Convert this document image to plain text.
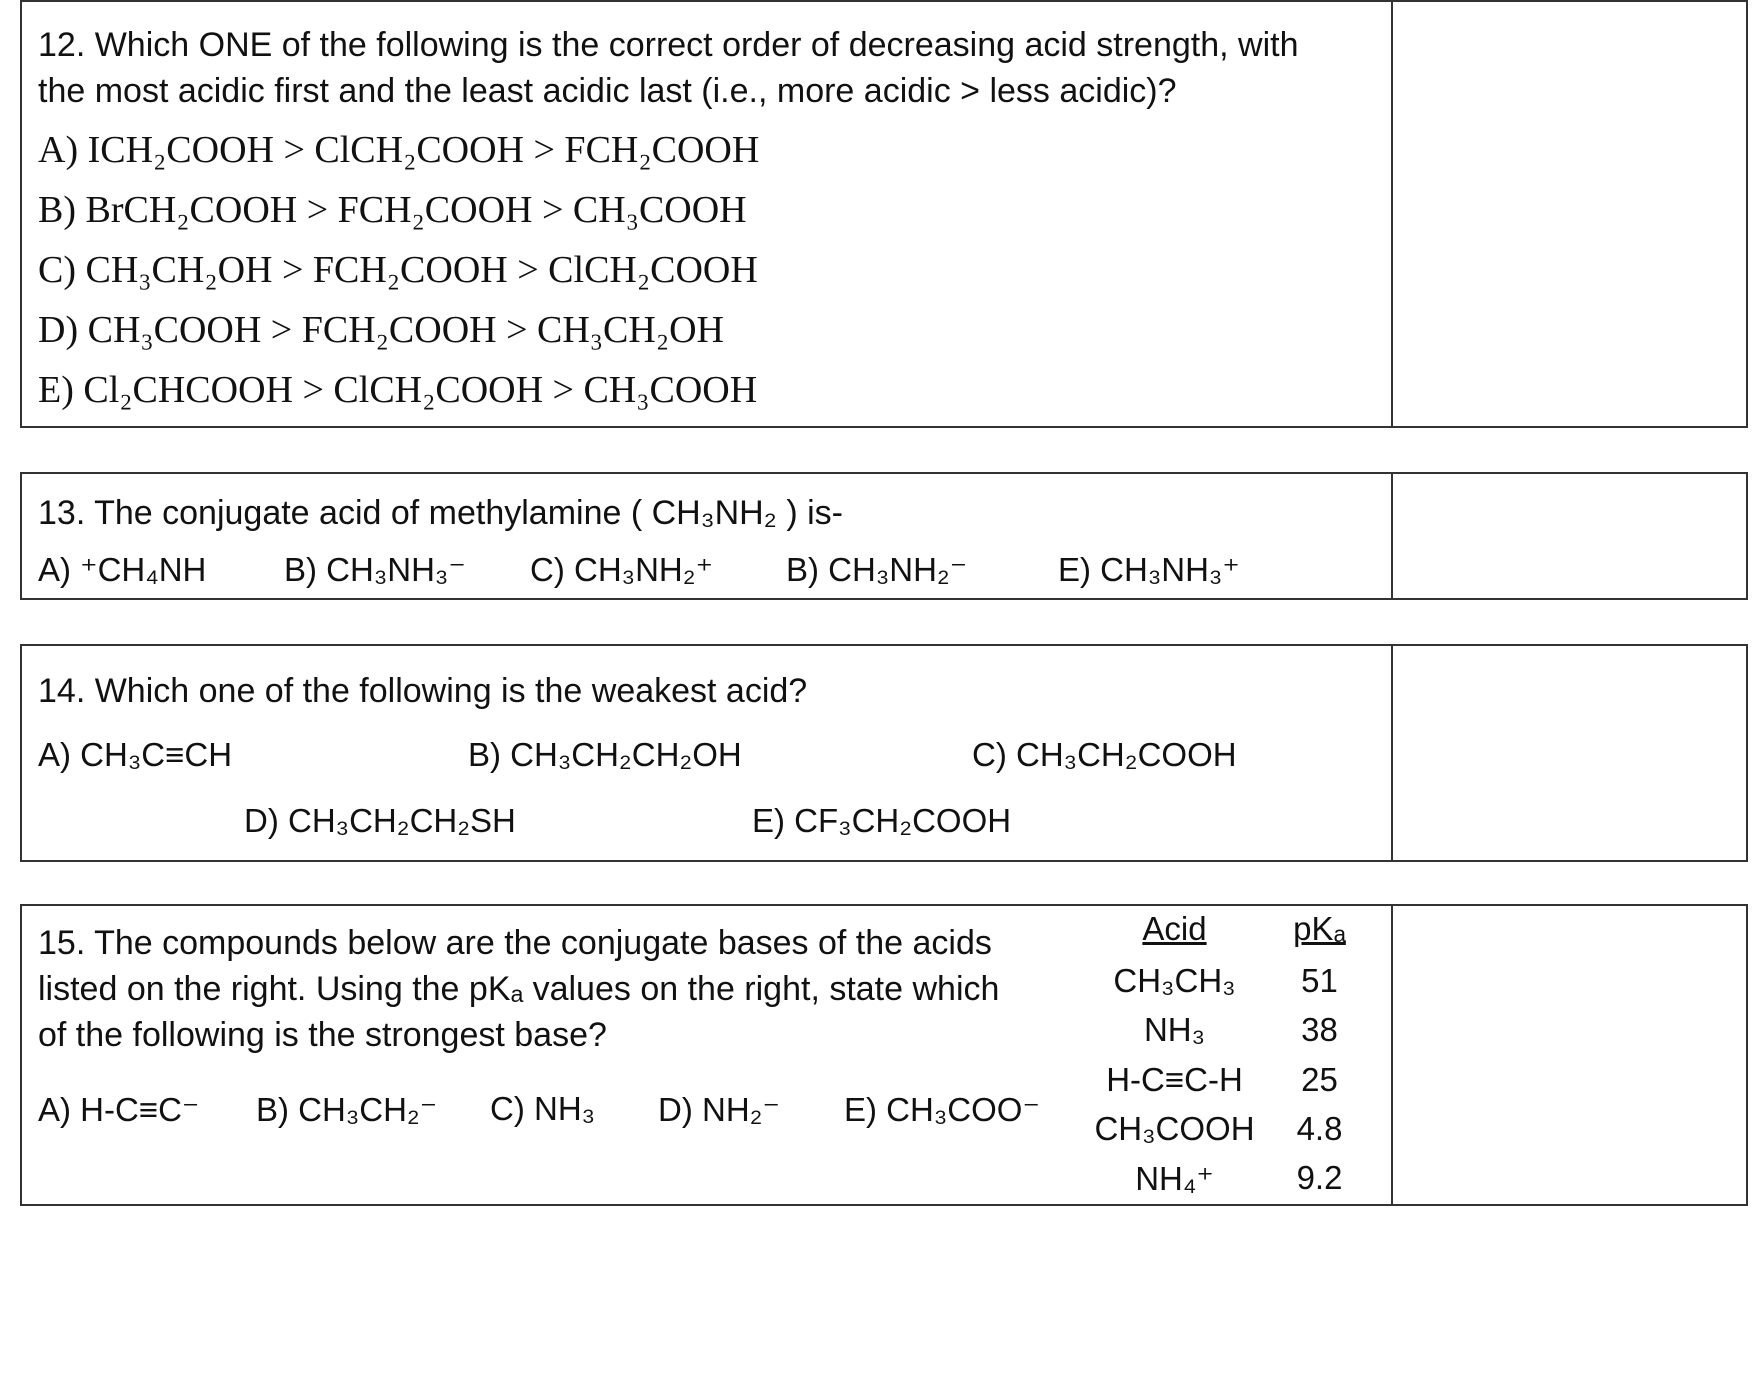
12. Which ONE of the following is the correct order of decreasing acid strength, with
the most acidic first and the least acidic last (i.e., more acidic > less acidic)?
A) ICH₂COOH > ClCH₂COOH > FCH₂COOH
B) BrCH₂COOH > FCH₂COOH > CH₃COOH
C) CH₃CH₂OH > FCH₂COOH > ClCH₂COOH
D) CH₃COOH > FCH₂COOH > CH₃CH₂OH
E) Cl₂CHCOOH > ClCH₂COOH > CH₃COOH
13. The conjugate acid of methylamine ( CH₃NH₂ ) is-
A) ⁺CH₄NH B) CH₃NH₃⁻ C) CH₃NH₂⁺ B) CH₃NH₂⁻	E) CH₃NH₃⁺
14. Which one of the following is the weakest acid?
A) CH₃C≡CH	B) CH₃CH₂CH₂OH	C) CH₃CH₂COOH
D) CH₃CH₂CH₂SH	E) CF₃CH₂COOH
15. The compounds below are the conjugate bases of the acids
listed on the right. Using the pKₐ values on the right, state which
of the following is the strongest base?
A) H-C≡C⁻ B) CH₃CH₂⁻ C) NH₃ D) NH₂⁻ E) CH₃COO⁻
Acid	pKₐ
CH₃CH₃	51
NH₃	38
H-C≡C-H	25
CH₃COOH	4.8
NH₄⁺	9.2
